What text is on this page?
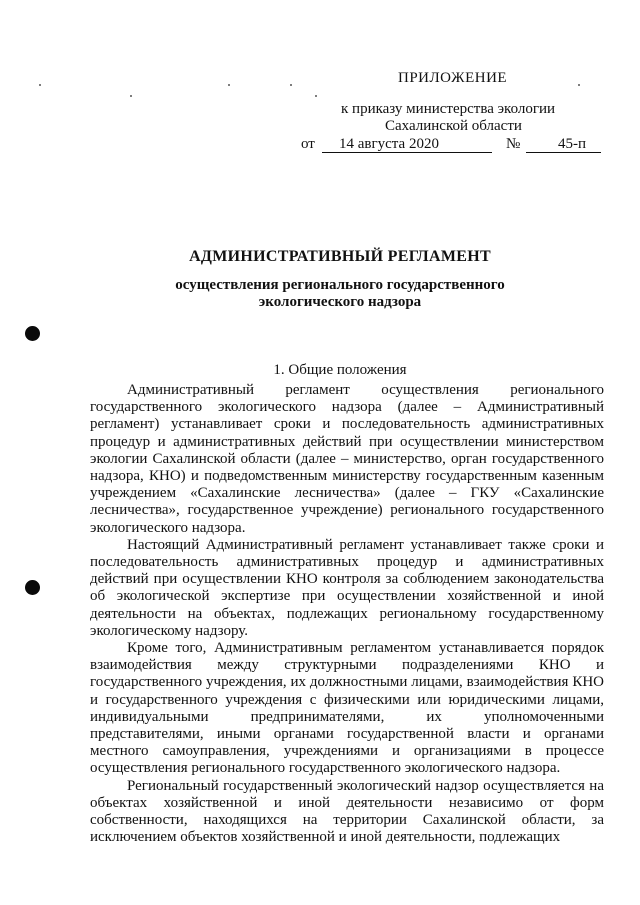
ПРИЛОЖЕНИЕ
к приказу министерства экологии
Сахалинской области
от 14 августа 2020	№	45-п
АДМИНИСТРАТИВНЫЙ РЕГЛАМЕНТ
осуществления регионального государственного
экологического надзора
1. Общие положения

Административный регламент осуществления регионального государственного экологического надзора (далее – Административный регламент) устанавливает сроки и последовательность административных процедур и административных действий при осуществлении министерством экологии Сахалинской области (далее – министерство, орган государственного надзора, КНО) и подведомственным министерству государственным казенным учреждением «Сахалинские лесничества» (далее – ГКУ «Сахалинские лесничества», государственное учреждение) регионального государственного экологического надзора.

Настоящий Административный регламент устанавливает также сроки и последовательность административных процедур и административных действий при осуществлении КНО контроля за соблюдением законодательства об экологической экспертизе при осуществлении хозяйственной и иной деятельности на объектах, подлежащих региональному государственному экологическому надзору.

Кроме того, Административным регламентом устанавливается порядок взаимодействия между структурными подразделениями КНО и государственного учреждения, их должностными лицами, взаимодействия КНО и государственного учреждения с физическими или юридическими лицами, индивидуальными предпринимателями, их уполномоченными представителями, иными органами государственной власти и органами местного самоуправления, учреждениями и организациями в процессе осуществления регионального государственного экологического надзора.

Региональный государственный экологический надзор осуществляется на объектах хозяйственной и иной деятельности независимо от форм собственности, находящихся на территории Сахалинской области, за исключением объектов хозяйственной и иной деятельности, подлежащих
